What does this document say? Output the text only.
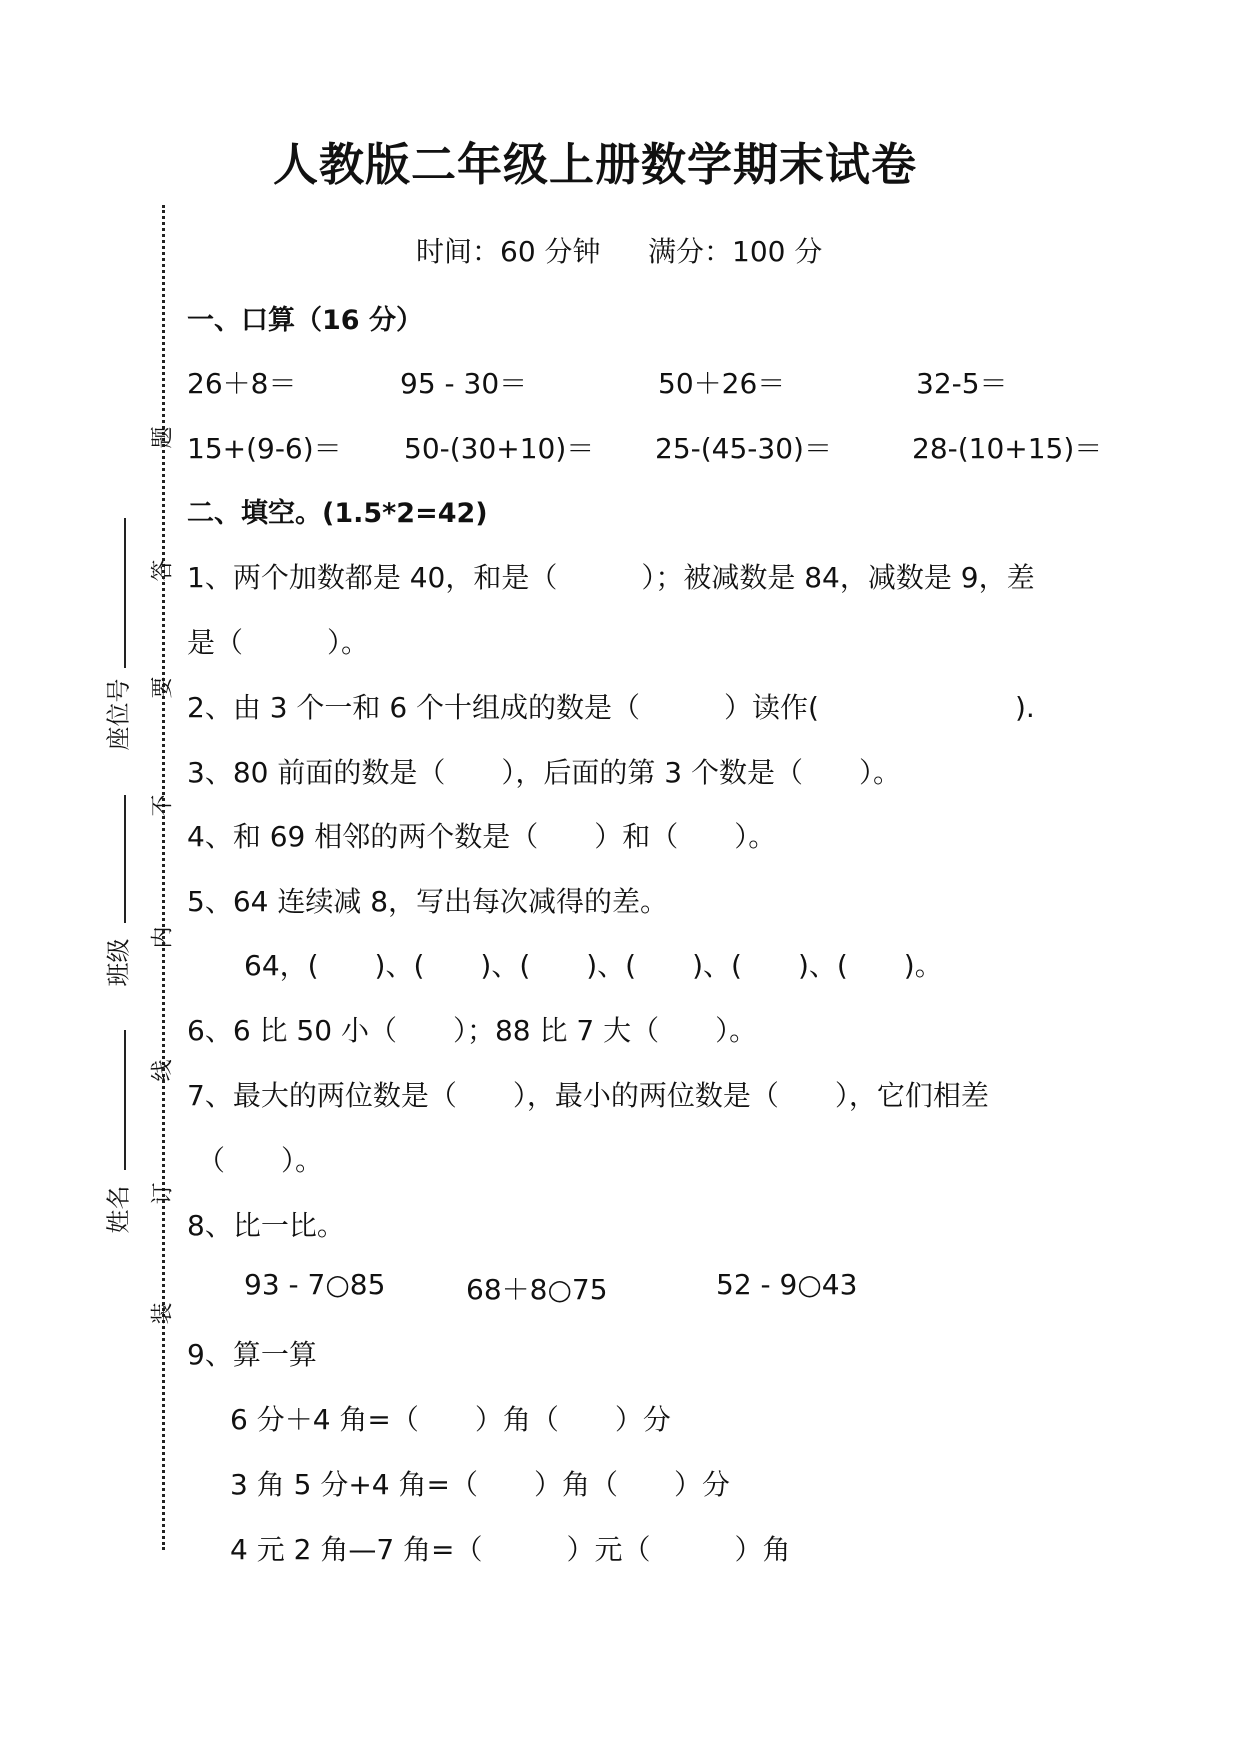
题
答
要
不
内
线
订
装
座位号
班级
姓名
人教版二年级上册数学期末试卷
时间：60 分钟 满分：100 分
一、口算（16 分）
26＋8＝	95 - 30＝	50＋26＝	32-5＝
15+(9-6)＝ 50-(30+10)＝ 25-(45-30)＝	28-(10+15)＝
二、填空。(1.5*2=42)
1、两个加数都是 40，和是（　　　）；被减数是 84，减数是 9，差
是（　　　）。
2、由 3 个一和 6 个十组成的数是（　　　）读作(　　　　　　　).
3、80 前面的数是（　　），后面的第 3 个数是（　　）。
4、和 69 相邻的两个数是（　　）和（　　）。
5、64 连续减 8，写出每次减得的差。
64，(　　)、(　　)、(　　)、(　　)、(　　)、(　　)。
6、6 比 50 小（　　）；88 比 7 大（　　）。
7、最大的两位数是（　　），最小的两位数是（　　），它们相差
（　　）。
8、比一比。
93 - 7○85	68＋8○75	52 - 9○43
9、算一算
6 分＋4 角=（　　）角（　　）分
3 角 5 分+4 角=（　　）角（　　）分
4 元 2 角—7 角=（　　　）元（　　　）角
